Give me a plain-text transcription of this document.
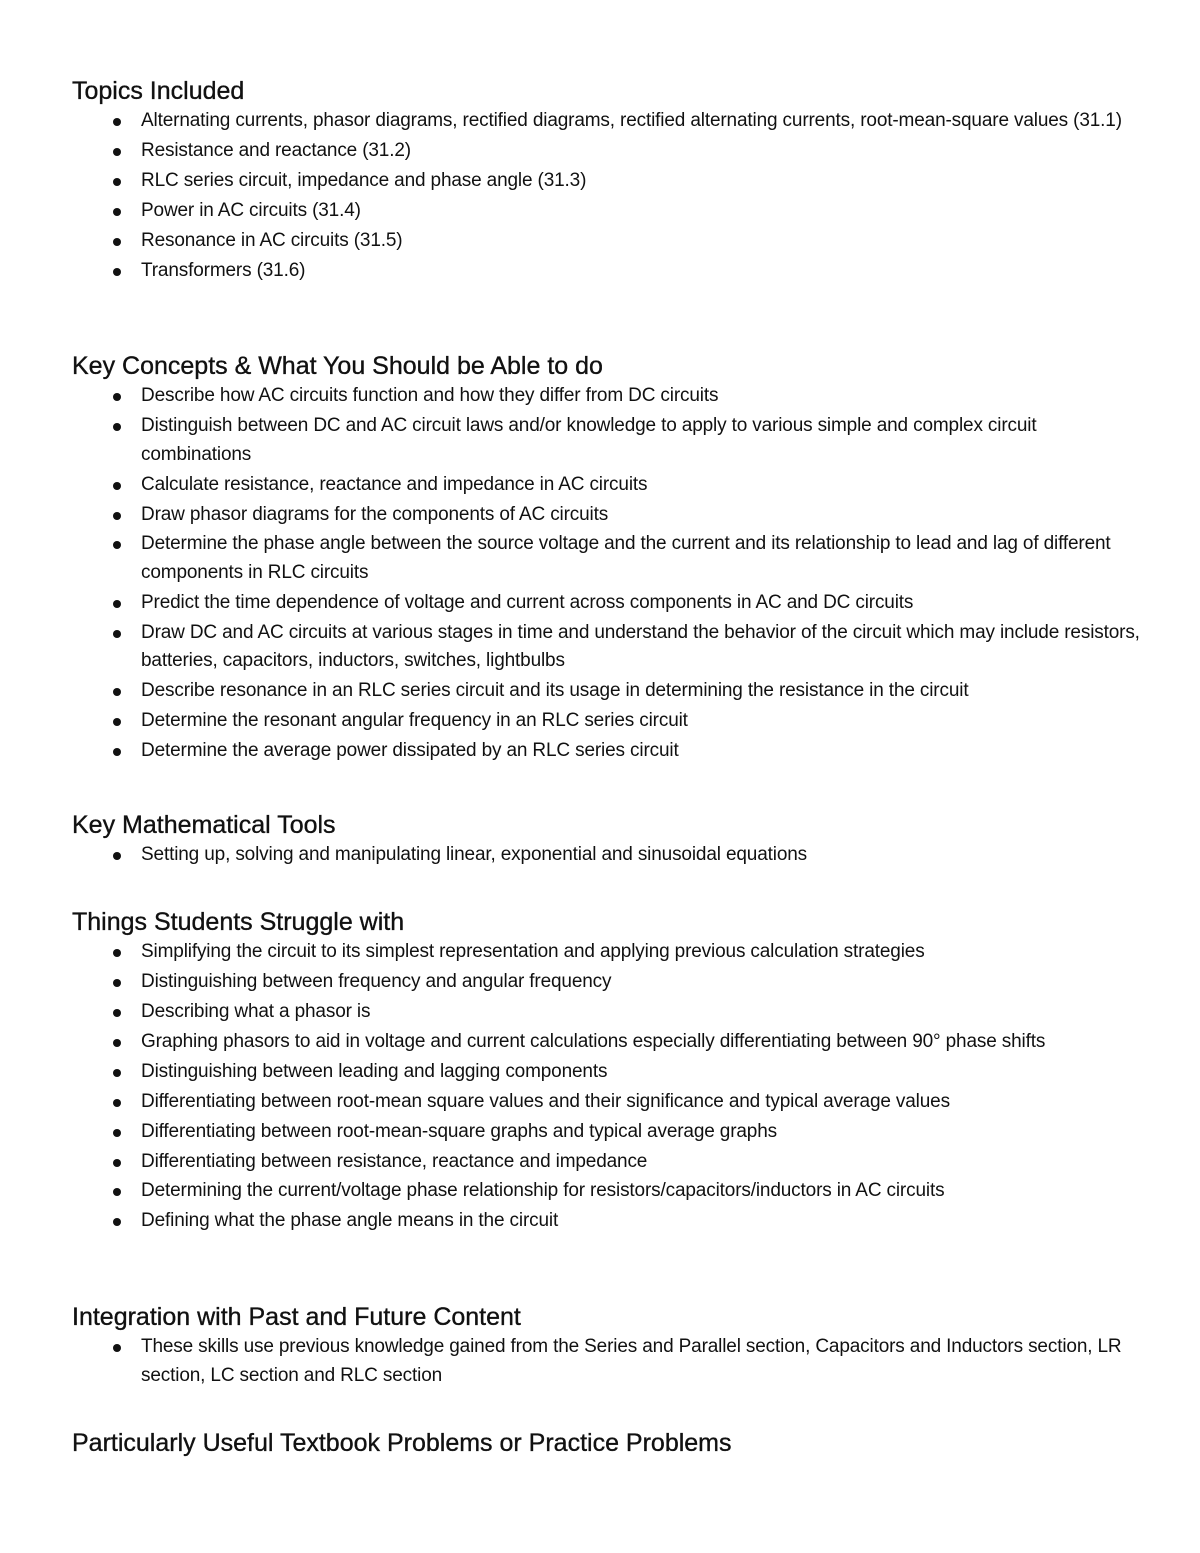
Topics Included
Alternating currents, phasor diagrams, rectified diagrams, rectified alternating currents, root-mean-square values (31.1)
Resistance and reactance (31.2)
RLC series circuit, impedance and phase angle (31.3)
Power in AC circuits (31.4)
Resonance in AC circuits (31.5)
Transformers (31.6)
Key Concepts & What You Should be Able to do
Describe how AC circuits function and how they differ from DC circuits
Distinguish between DC and AC circuit laws and/or knowledge to apply to various simple and complex circuit combinations
Calculate resistance, reactance and impedance in AC circuits
Draw phasor diagrams for the components of AC circuits
Determine the phase angle between the source voltage and the current and its relationship to lead and lag of different components in RLC circuits
Predict the time dependence of voltage and current across components in AC and DC circuits
Draw DC and AC circuits at various stages in time and understand the behavior of the circuit which may include resistors, batteries, capacitors, inductors, switches, lightbulbs
Describe resonance in an RLC series circuit and its usage in determining the resistance in the circuit
Determine the resonant angular frequency in an RLC series circuit
Determine the average power dissipated by an RLC series circuit
Key Mathematical Tools
Setting up, solving and manipulating linear, exponential and sinusoidal equations
Things Students Struggle with
Simplifying the circuit to its simplest representation and applying previous calculation strategies
Distinguishing between frequency and angular frequency
Describing what a phasor is
Graphing phasors to aid in voltage and current calculations especially differentiating between 90° phase shifts
Distinguishing between leading and lagging components
Differentiating between root-mean square values and their significance and typical average values
Differentiating between root-mean-square graphs and typical average graphs
Differentiating between resistance, reactance and impedance
Determining the current/voltage phase relationship for resistors/capacitors/inductors in AC circuits
Defining what the phase angle means in the circuit
Integration with Past and Future Content
These skills use previous knowledge gained from the Series and Parallel section, Capacitors and Inductors section, LR section, LC section and RLC section
Particularly Useful Textbook Problems or Practice Problems
